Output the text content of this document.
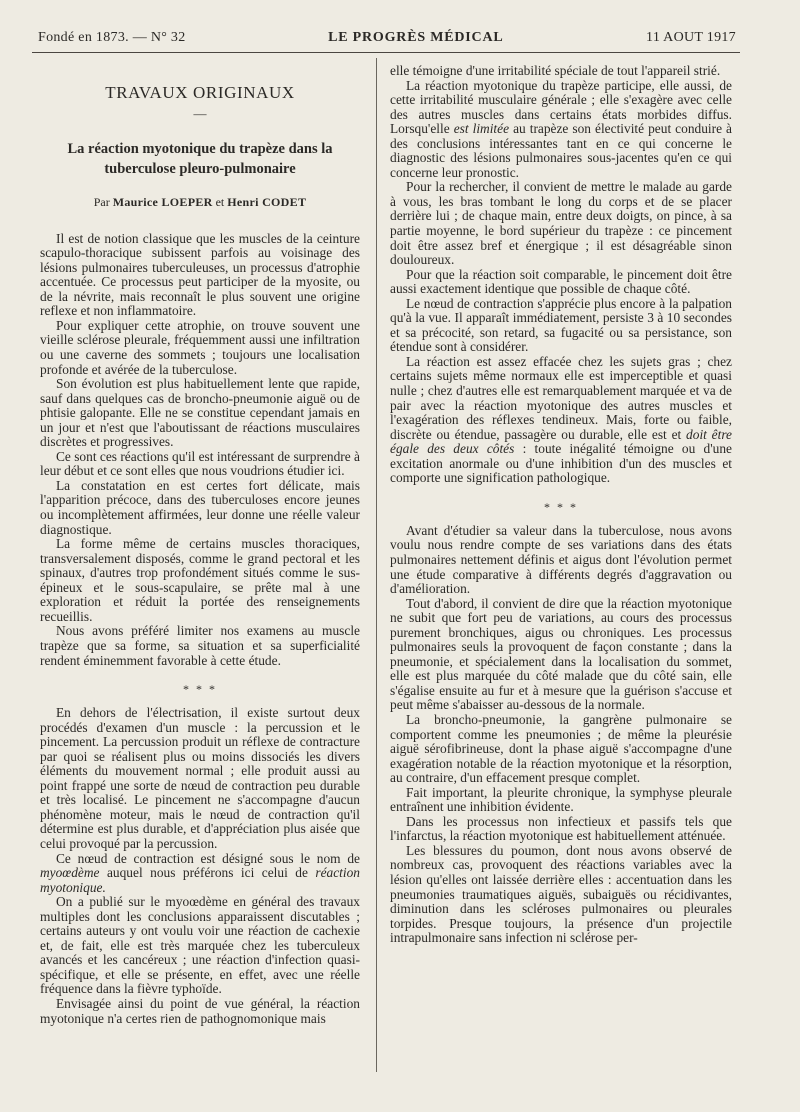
Fondé en 1873. — N° 32	LE PROGRÈS MÉDICAL	11 AOUT 1917
TRAVAUX ORIGINAUX
—
La réaction myotonique du trapèze dans la tuberculose pleuro-pulmonaire
Par Maurice LOEPER et Henri CODET

Il est de notion classique que les muscles de la ceinture scapulo-thoracique subissent parfois au voisinage des lésions pulmonaires tuberculeuses, un processus d'atrophie accentuée. Ce processus peut participer de la myosite, ou de la névrite, mais reconnaît le plus souvent une origine reflexe et non inflammatoire.

Pour expliquer cette atrophie, on trouve souvent une vieille sclérose pleurale, fréquemment aussi une infiltration ou une caverne des sommets ; toujours une localisation profonde et avérée de la tuberculose.

Son évolution est plus habituellement lente que rapide, sauf dans quelques cas de broncho-pneumonie aiguë ou de phtisie galopante. Elle ne se constitue cependant jamais en un jour et n'est que l'aboutissant de réactions musculaires discrètes et progressives.

Ce sont ces réactions qu'il est intéressant de surprendre à leur début et ce sont elles que nous voudrions étudier ici.

La constatation en est certes fort délicate, mais l'apparition précoce, dans des tuberculoses encore jeunes ou incomplètement affirmées, leur donne une réelle valeur diagnostique.

La forme même de certains muscles thoraciques, transversalement disposés, comme le grand pectoral et les spinaux, d'autres trop profondément situés comme le sus-épineux et le sous-scapulaire, se prête mal à une exploration et réduit la portée des renseignements recueillis.

Nous avons préféré limiter nos examens au muscle trapèze que sa forme, sa situation et sa superficialité rendent éminemment favorable à cette étude.

* * *

En dehors de l'électrisation, il existe surtout deux procédés d'examen d'un muscle : la percussion et le pincement. La percussion produit un réflexe de contracture par quoi se réalisent plus ou moins dissociés les divers éléments du mouvement normal ; elle produit aussi au point frappé une sorte de nœud de contraction peu durable et très localisé. Le pincement ne s'accompagne d'aucun phénomène moteur, mais le nœud de contraction qu'il détermine est plus durable, et d'appréciation plus aisée que celui provoqué par la percussion.

Ce nœud de contraction est désigné sous le nom de myoœdème auquel nous préférons ici celui de réaction myotonique.

On a publié sur le myoœdème en général des travaux multiples dont les conclusions apparaissent discutables ; certains auteurs y ont voulu voir une réaction de cachexie et, de fait, elle est très marquée chez les tuberculeux avancés et les cancéreux ; une réaction d'infection quasi-spécifique, et elle se présente, en effet, avec une réelle fréquence dans la fièvre typhoïde.

Envisagée ainsi du point de vue général, la réaction myotonique n'a certes rien de pathognomonique mais

elle témoigne d'une irritabilité spéciale de tout l'appareil strié.

La réaction myotonique du trapèze participe, elle aussi, de cette irritabilité musculaire générale ; elle s'exagère avec celle des autres muscles dans certains états morbides diffus. Lorsqu'elle est limitée au trapèze son électivité peut conduire à des conclusions intéressantes tant en ce qui concerne le diagnostic des lésions pulmonaires sous-jacentes qu'en ce qui concerne leur pronostic.

Pour la rechercher, il convient de mettre le malade au garde à vous, les bras tombant le long du corps et de se placer derrière lui ; de chaque main, entre deux doigts, on pince, à sa partie moyenne, le bord supérieur du trapèze : ce pincement doit être assez bref et énergique ; il est désagréable sinon douloureux.

Pour que la réaction soit comparable, le pincement doit être aussi exactement identique que possible de chaque côté.

Le nœud de contraction s'apprécie plus encore à la palpation qu'à la vue. Il apparaît immédiatement, persiste 3 à 10 secondes et sa précocité, son retard, sa fugacité ou sa persistance, son étendue sont à considérer.

La réaction est assez effacée chez les sujets gras ; chez certains sujets même normaux elle est imperceptible et quasi nulle ; chez d'autres elle est remarquablement marquée et va de pair avec la réaction myotonique des autres muscles et l'exagération des réflexes tendineux. Mais, forte ou faible, discrète ou étendue, passagère ou durable, elle est et doit être égale des deux côtés : toute inégalité témoigne ou d'une excitation anormale ou d'une inhibition d'un des muscles et comporte une signification pathologique.

* * *

Avant d'étudier sa valeur dans la tuberculose, nous avons voulu nous rendre compte de ses variations dans des états pulmonaires nettement définis et aigus dont l'évolution permet une étude comparative à différents degrés d'aggravation ou d'amélioration.

Tout d'abord, il convient de dire que la réaction myotonique ne subit que fort peu de variations, au cours des processus purement bronchiques, aigus ou chroniques. Les processus pulmonaires seuls la provoquent de façon constante ; dans la pneumonie, et spécialement dans la localisation du sommet, elle est plus marquée du côté malade que du côté sain, elle s'égalise ensuite au fur et à mesure que la guérison s'accuse et peut même s'abaisser au-dessous de la normale.

La broncho-pneumonie, la gangrène pulmonaire se comportent comme les pneumonies ; de même la pleurésie aiguë sérofibrineuse, dont la phase aiguë s'accompagne d'une exagération notable de la réaction myotonique et la résorption, au contraire, d'un effacement presque complet.

Fait important, la pleurite chronique, la symphyse pleurale entraînent une inhibition évidente.

Dans les processus non infectieux et passifs tels que l'infarctus, la réaction myotonique est habituellement atténuée.

Les blessures du poumon, dont nous avons observé de nombreux cas, provoquent des réactions variables avec la lésion qu'elles ont laissée derrière elles : accentuation dans les pneumonies traumatiques aiguës, subaiguës ou récidivantes, diminution dans les scléroses pulmonaires ou pleurales torpides. Presque toujours, la présence d'un projectile intrapulmonaire sans infection ni sclérose per-
